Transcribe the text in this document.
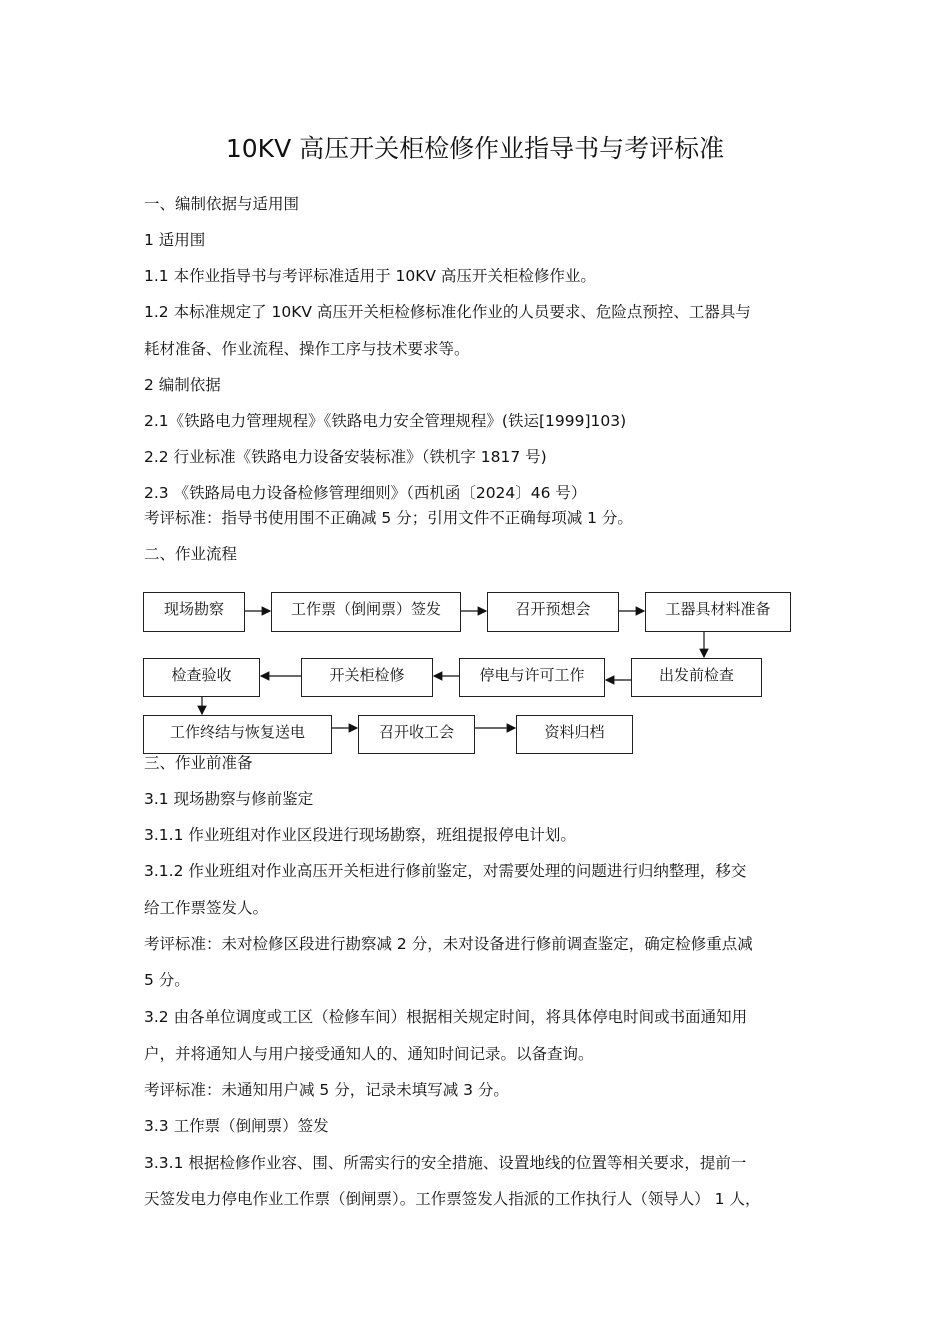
10KV 高压开关柜检修作业指导书与考评标准
一、编制依据与适用围
1 适用围
1.1 本作业指导书与考评标准适用于 10KV 高压开关柜检修作业。
1.2 本标准规定了 10KV 高压开关柜检修标准化作业的人员要求、危险点预控、工器具与
耗材准备、作业流程、操作工序与技术要求等。
2 编制依据
2.1《铁路电力管理规程》《铁路电力安全管理规程》(铁运[1999]103)
2.2 行业标准《铁路电力设备安装标准》（铁机字 1817 号)
2.3 《铁路局电力设备检修管理细则》（西机函〔2024〕46 号）
考评标准：指导书使用围不正确减 5 分；引用文件不正确每项减 1 分。
二、作业流程
现场勘察	工作票（倒闸票）签发	召开预想会	工器具材料准备
出发前检查
停电与许可工作
开关柜检修
检查验收
工作终结与恢复送电	召开收工会	资料归档
三、作业前准备
3.1 现场勘察与修前鉴定
3.1.1 作业班组对作业区段进行现场勘察，班组提报停电计划。
3.1.2 作业班组对作业高压开关柜进行修前鉴定，对需要处理的问题进行归纳整理，移交
给工作票签发人。
考评标准：未对检修区段进行勘察减 2 分，未对设备进行修前调查鉴定，确定检修重点减
5 分。
3.2 由各单位调度或工区（检修车间）根据相关规定时间，将具体停电时间或书面通知用
户，并将通知人与用户接受通知人的、通知时间记录。以备查询。
考评标准：未通知用户减 5 分，记录未填写减 3 分。
3.3 工作票（倒闸票）签发
3.3.1 根据检修作业容、围、所需实行的安全措施、设置地线的位置等相关要求，提前一
天签发电力停电作业工作票（倒闸票）。工作票签发人指派的工作执行人（领导人） 1 人，
